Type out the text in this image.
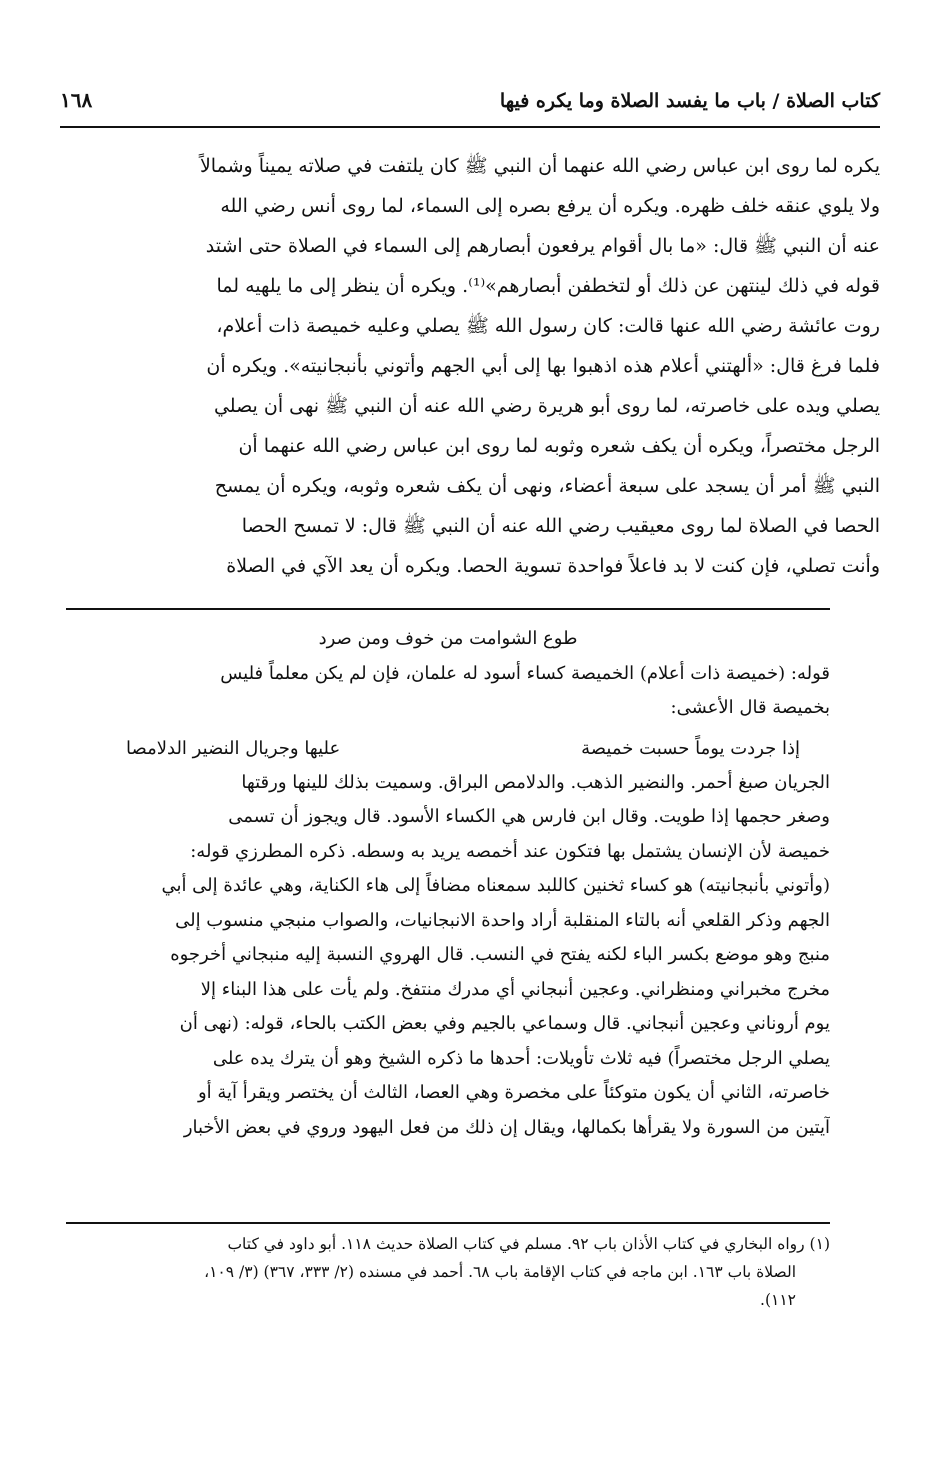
كتاب الصلاة / باب ما يفسد الصلاة وما يكره فيها
١٦٨
يكره لما روى ابن عباس رضي الله عنهما أن النبي ﷺ كان يلتفت في صلاته يميناً وشمالاً
ولا يلوي عنقه خلف ظهره. ويكره أن يرفع بصره إلى السماء، لما روى أنس رضي الله
عنه أن النبي ﷺ قال: «ما بال أقوام يرفعون أبصارهم إلى السماء في الصلاة حتى اشتد
قوله في ذلك لينتهن عن ذلك أو لتخطفن أبصارهم»⁽¹⁾. ويكره أن ينظر إلى ما يلهيه لما
روت عائشة رضي الله عنها قالت: كان رسول الله ﷺ يصلي وعليه خميصة ذات أعلام،
فلما فرغ قال: «ألهتني أعلام هذه اذهبوا بها إلى أبي الجهم وأتوني بأنبجانيته». ويكره أن
يصلي ويده على خاصرته، لما روى أبو هريرة رضي الله عنه أن النبي ﷺ نهى أن يصلي
الرجل مختصراً، ويكره أن يكف شعره وثوبه لما روى ابن عباس رضي الله عنهما أن
النبي ﷺ أمر أن يسجد على سبعة أعضاء، ونهى أن يكف شعره وثوبه، ويكره أن يمسح
الحصا في الصلاة لما روى معيقيب رضي الله عنه أن النبي ﷺ قال: لا تمسح الحصا
وأنت تصلي، فإن كنت لا بد فاعلاً فواحدة تسوية الحصا. ويكره أن يعد الآي في الصلاة
طوع الشوامت من خوف ومن صرد
قوله: (خميصة ذات أعلام) الخميصة كساء أسود له علمان، فإن لم يكن معلماً فليس
بخميصة قال الأعشى:
إذا جردت يوماً حسبت خميصة
عليها وجريال النضير الدلامصا
الجريان صبغ أحمر. والنضير الذهب. والدلامص البراق. وسميت بذلك للينها ورقتها
وصغر حجمها إذا طويت. وقال ابن فارس هي الكساء الأسود. قال ويجوز أن تسمى
خميصة لأن الإنسان يشتمل بها فتكون عند أخمصه يريد به وسطه. ذكره المطرزي قوله:
(وأتوني بأنبجانيته) هو كساء ثخنين كاللبد سمعناه مضافاً إلى هاء الكناية، وهي عائدة إلى أبي
الجهم وذكر القلعي أنه بالتاء المنقلبة أراد واحدة الانبجانيات، والصواب منبجي منسوب إلى
منبج وهو موضع بكسر الباء لكنه يفتح في النسب. قال الهروي النسبة إليه منبجاني أخرجوه
مخرج مخبراني ومنظراني. وعجين أنبجاني أي مدرك منتفخ. ولم يأت على هذا البناء إلا
يوم أروناني وعجين أنبجاني. قال وسماعي بالجيم وفي بعض الكتب بالحاء، قوله: (نهى أن
يصلي الرجل مختصراً) فيه ثلاث تأويلات: أحدها ما ذكره الشيخ وهو أن يترك يده على
خاصرته، الثاني أن يكون متوكئاً على مخصرة وهي العصا، الثالث أن يختصر ويقرأ آية أو
آيتين من السورة ولا يقرأها بكمالها، ويقال إن ذلك من فعل اليهود وروي في بعض الأخبار
(١) رواه البخاري في كتاب الأذان باب ٩٢. مسلم في كتاب الصلاة حديث ١١٨. أبو داود في كتاب
الصلاة باب ١٦٣. ابن ماجه في كتاب الإقامة باب ٦٨. أحمد في مسنده (٢/ ٣٣٣، ٣٦٧) (٣/ ١٠٩،
١١٢).
